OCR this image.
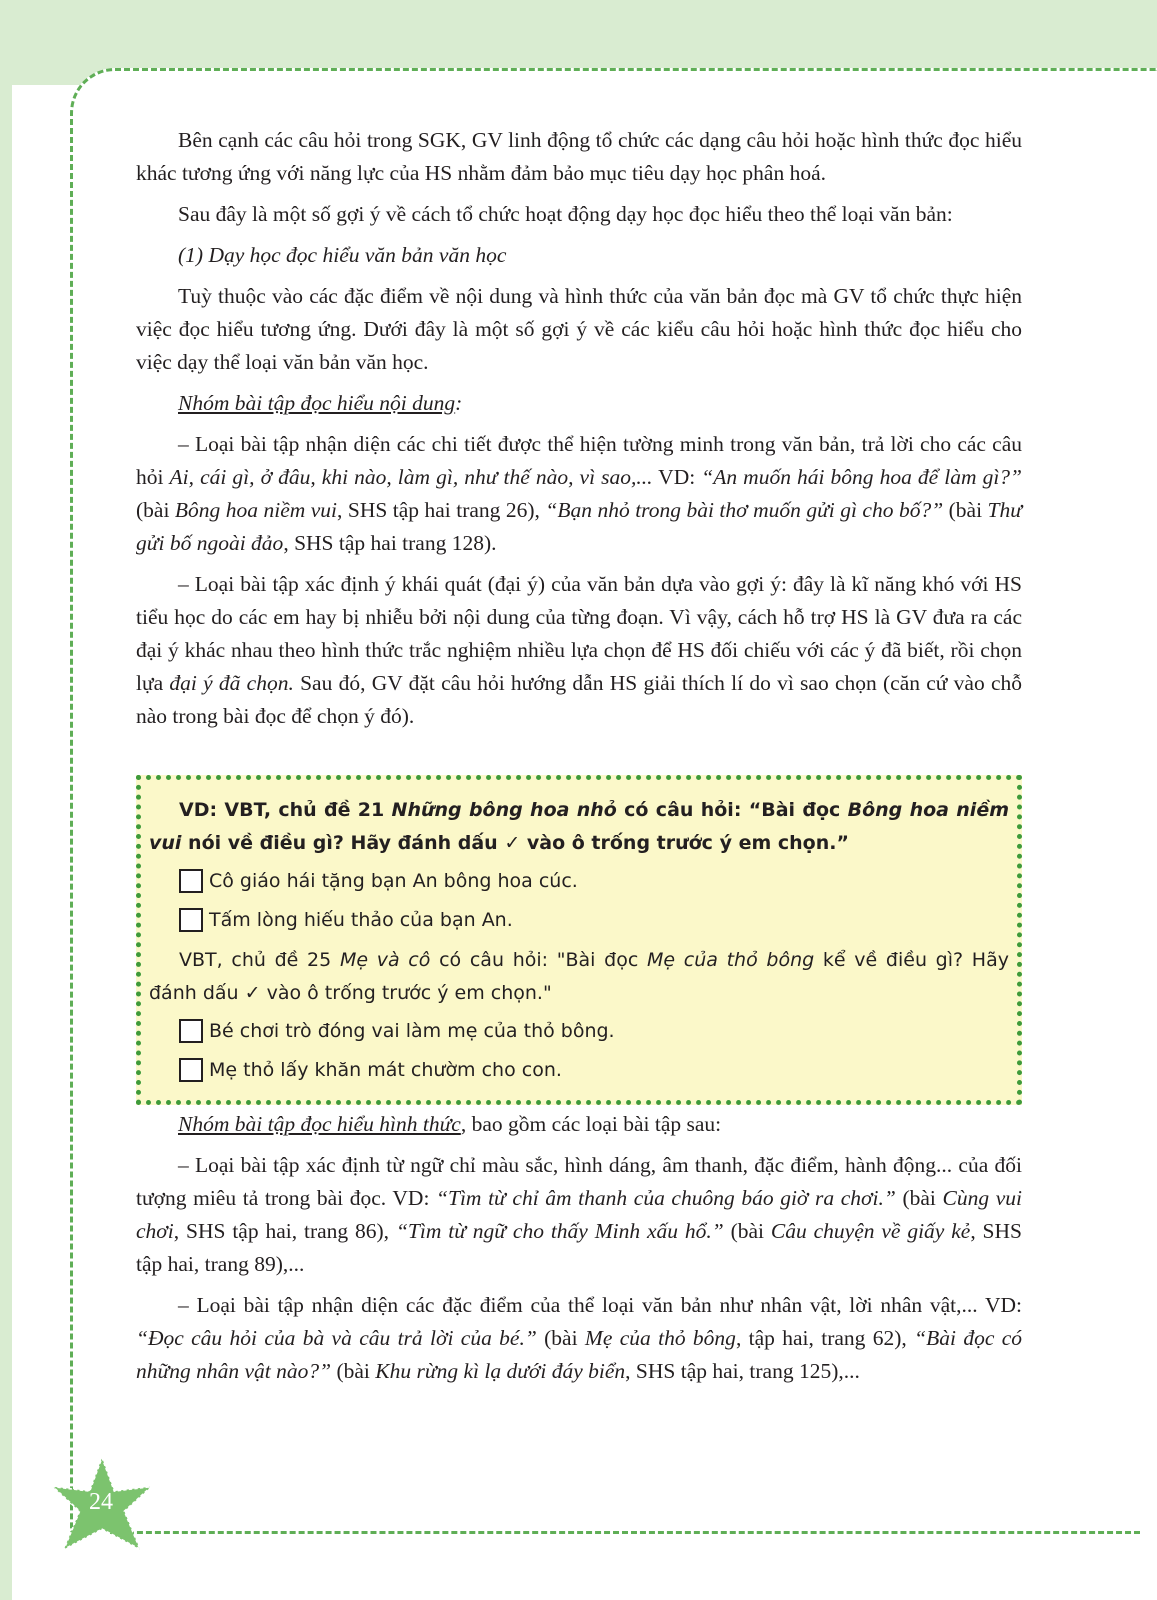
Bên cạnh các câu hỏi trong SGK, GV linh động tổ chức các dạng câu hỏi hoặc hình thức đọc hiểu khác tương ứng với năng lực của HS nhằm đảm bảo mục tiêu dạy học phân hoá.

Sau đây là một số gợi ý về cách tổ chức hoạt động dạy học đọc hiểu theo thể loại văn bản:

(1) Dạy học đọc hiểu văn bản văn học

Tuỳ thuộc vào các đặc điểm về nội dung và hình thức của văn bản đọc mà GV tổ chức thực hiện việc đọc hiểu tương ứng. Dưới đây là một số gợi ý về các kiểu câu hỏi hoặc hình thức đọc hiểu cho việc dạy thể loại văn bản văn học.

Nhóm bài tập đọc hiểu nội dung:

– Loại bài tập nhận diện các chi tiết được thể hiện tường minh trong văn bản, trả lời cho các câu hỏi Ai, cái gì, ở đâu, khi nào, làm gì, như thế nào, vì sao,... VD: “An muốn hái bông hoa để làm gì?” (bài Bông hoa niềm vui, SHS tập hai trang 26), “Bạn nhỏ trong bài thơ muốn gửi gì cho bố?” (bài Thư gửi bố ngoài đảo, SHS tập hai trang 128).

– Loại bài tập xác định ý khái quát (đại ý) của văn bản dựa vào gợi ý: đây là kĩ năng khó với HS tiểu học do các em hay bị nhiễu bởi nội dung của từng đoạn. Vì vậy, cách hỗ trợ HS là GV đưa ra các đại ý khác nhau theo hình thức trắc nghiệm nhiều lựa chọn để HS đối chiếu với các ý đã biết, rồi chọn lựa đại ý đã chọn. Sau đó, GV đặt câu hỏi hướng dẫn HS giải thích lí do vì sao chọn (căn cứ vào chỗ nào trong bài đọc để chọn ý đó).

VD: VBT, chủ đề 21 Những bông hoa nhỏ có câu hỏi: “Bài đọc Bông hoa niềm vui nói về điều gì? Hãy đánh dấu ✓ vào ô trống trước ý em chọn.”

Cô giáo hái tặng bạn An bông hoa cúc.
Tấm lòng hiếu thảo của bạn An.

VBT, chủ đề 25 Mẹ và cô có câu hỏi: "Bài đọc Mẹ của thỏ bông kể về điều gì? Hãy đánh dấu ✓ vào ô trống trước ý em chọn."

Bé chơi trò đóng vai làm mẹ của thỏ bông.
Mẹ thỏ lấy khăn mát chườm cho con.

Nhóm bài tập đọc hiểu hình thức, bao gồm các loại bài tập sau:

– Loại bài tập xác định từ ngữ chỉ màu sắc, hình dáng, âm thanh, đặc điểm, hành động... của đối tượng miêu tả trong bài đọc. VD: “Tìm từ chỉ âm thanh của chuông báo giờ ra chơi.” (bài Cùng vui chơi, SHS tập hai, trang 86), “Tìm từ ngữ cho thấy Minh xấu hổ.” (bài Câu chuyện về giấy kẻ, SHS tập hai, trang 89),...

– Loại bài tập nhận diện các đặc điểm của thể loại văn bản như nhân vật, lời nhân vật,... VD: “Đọc câu hỏi của bà và câu trả lời của bé.” (bài Mẹ của thỏ bông, tập hai, trang 62), “Bài đọc có những nhân vật nào?” (bài Khu rừng kì lạ dưới đáy biển, SHS tập hai, trang 125),...

24
